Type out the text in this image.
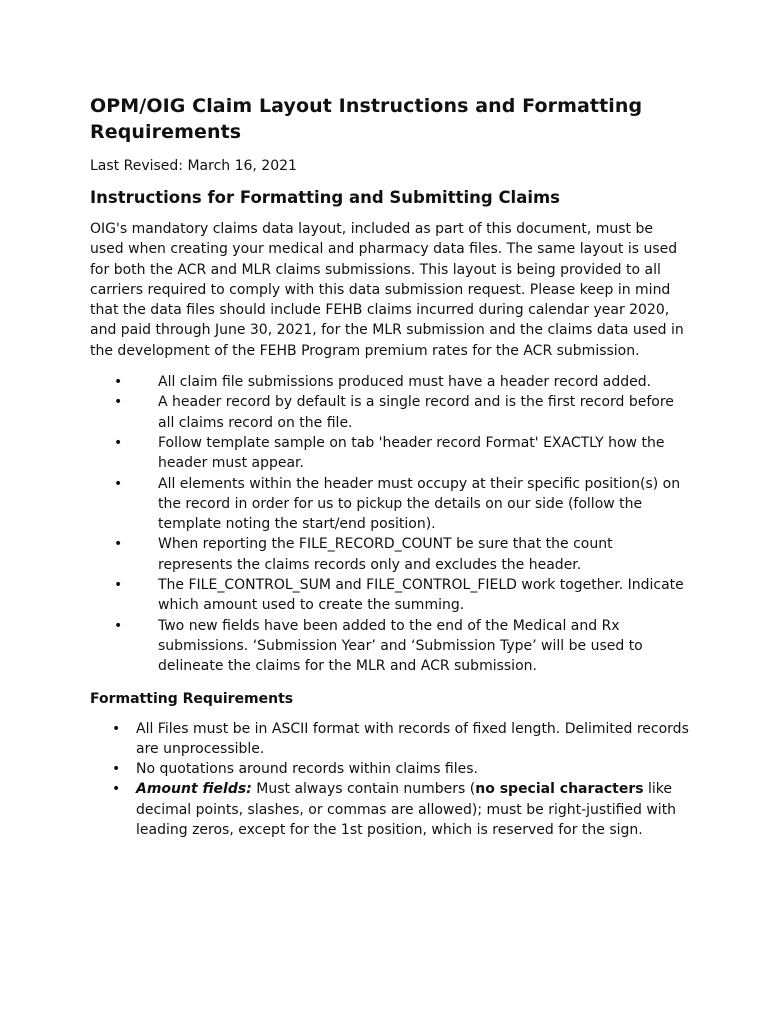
OPM/OIG Claim Layout Instructions and Formatting Requirements

Last Revised: March 16, 2021

Instructions for Formatting and Submitting Claims

OIG's mandatory claims data layout, included as part of this document, must be used when creating your medical and pharmacy data files. The same layout is used for both the ACR and MLR claims submissions. This layout is being provided to all carriers required to comply with this data submission request. Please keep in mind that the data files should include FEHB claims incurred during calendar year 2020, and paid through June 30, 2021, for the MLR submission and the claims data used in the development of the FEHB Program premium rates for the ACR submission.

•	All claim file submissions produced must have a header record added.
•	A header record by default is a single record and is the first record before all claims record on the file.
•	Follow template sample on tab 'header record Format' EXACTLY how the header must appear.
•	All elements within the header must occupy at their specific position(s) on the record in order for us to pickup the details on our side (follow the template noting the start/end position).
•	When reporting the FILE_RECORD_COUNT be sure that the count represents the claims records only and excludes the header.
•	The FILE_CONTROL_SUM and FILE_CONTROL_FIELD work together. Indicate which amount used to create the summing.
•	Two new fields have been added to the end of the Medical and Rx submissions. ‘Submission Year’ and ‘Submission Type’ will be used to delineate the claims for the MLR and ACR submission.
Formatting Requirements
• All Files must be in ASCII format with records of fixed length. Delimited records are unprocessible.
• No quotations around records within claims files.
• Amount fields: Must always contain numbers (no special characters like decimal points, slashes, or commas are allowed); must be right-justified with leading zeros, except for the 1st position, which is reserved for the sign.
